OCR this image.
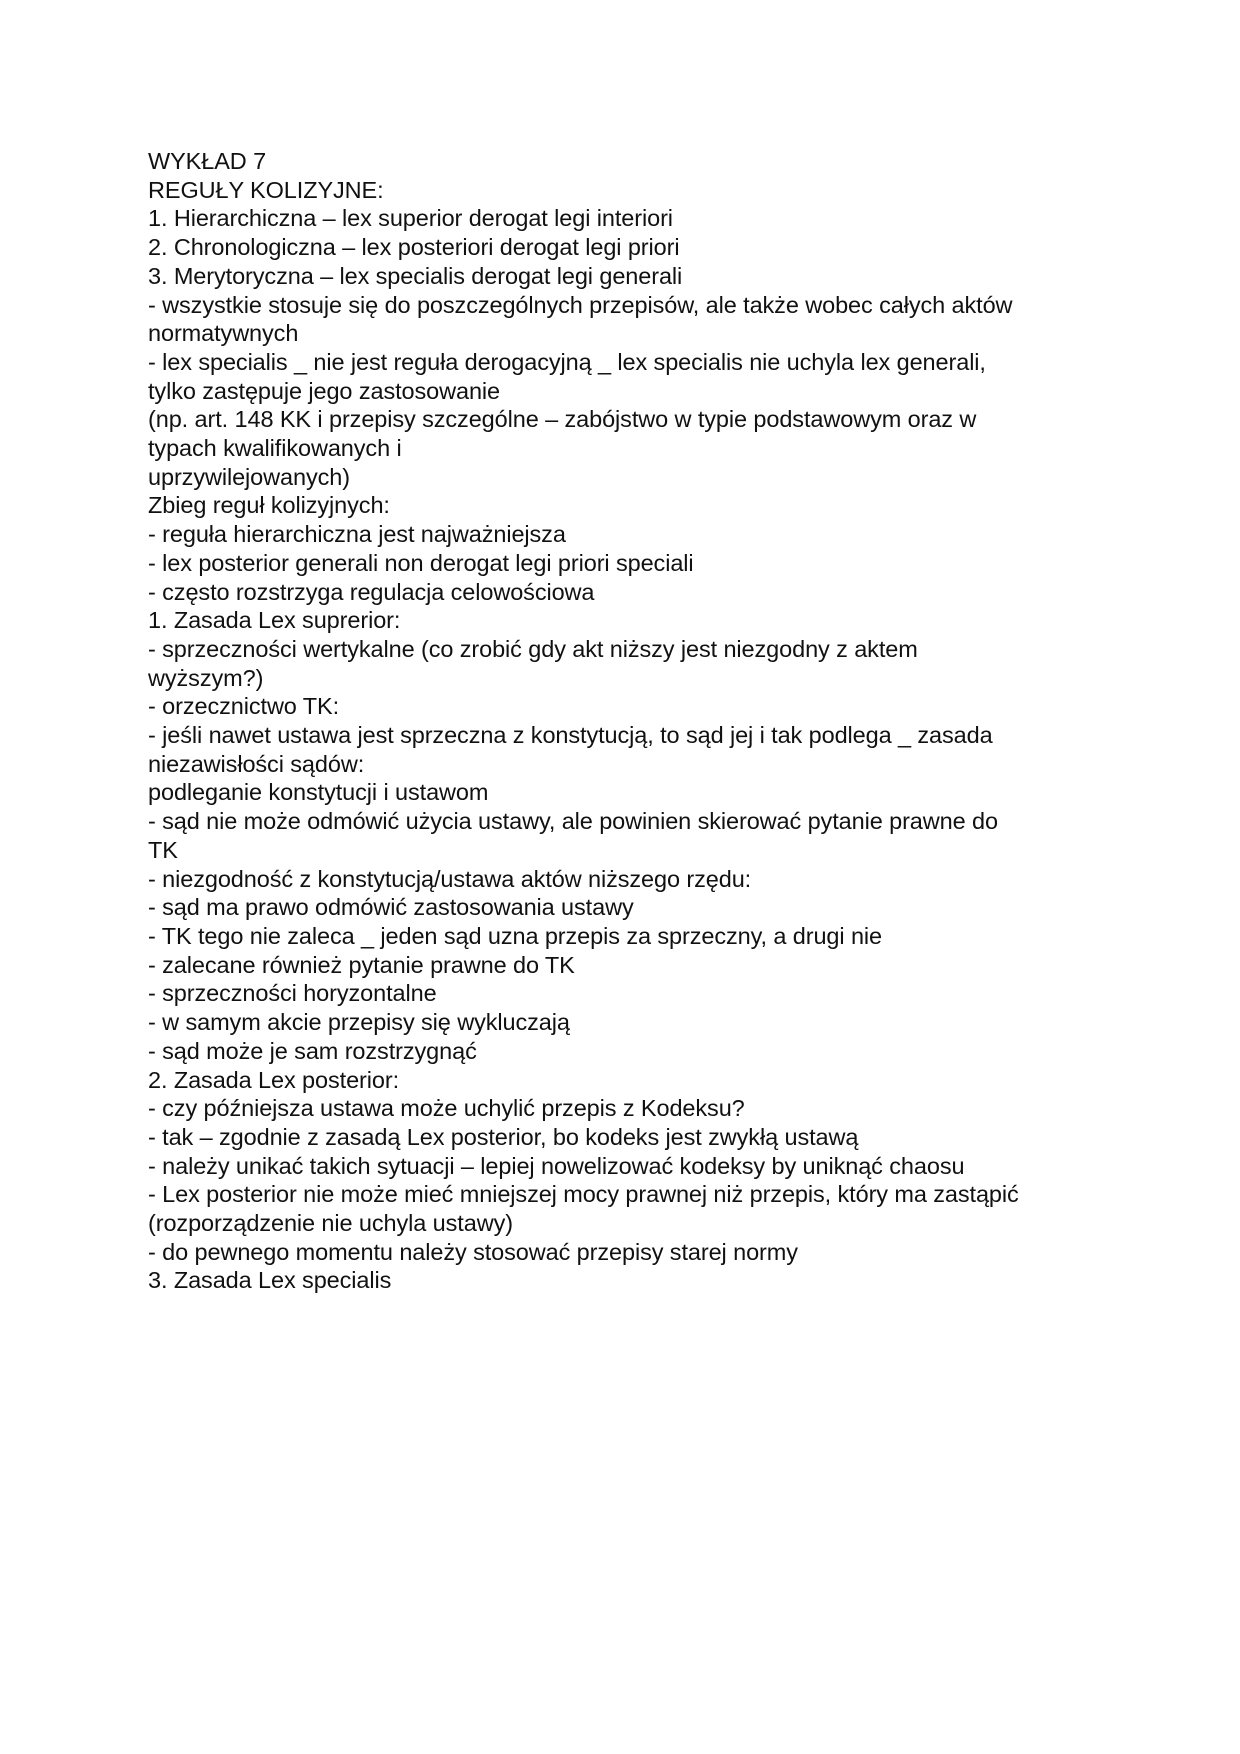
WYKŁAD 7
REGUŁY KOLIZYJNE:
1. Hierarchiczna – lex superior derogat legi interiori
2. Chronologiczna – lex posteriori derogat legi priori
3. Merytoryczna – lex specialis derogat legi generali
- wszystkie stosuje się do poszczególnych przepisów, ale także wobec całych aktów
normatywnych
- lex specialis _ nie jest reguła derogacyjną _ lex specialis nie uchyla lex generali,
tylko zastępuje jego zastosowanie
(np. art. 148 KK i przepisy szczególne – zabójstwo w typie podstawowym oraz w
typach kwalifikowanych i
uprzywilejowanych)
Zbieg reguł kolizyjnych:
- reguła hierarchiczna jest najważniejsza
- lex posterior generali non derogat legi priori speciali
- często rozstrzyga regulacja celowościowa
1. Zasada Lex suprerior:
- sprzeczności wertykalne (co zrobić gdy akt niższy jest niezgodny z aktem
wyższym?)
- orzecznictwo TK:
- jeśli nawet ustawa jest sprzeczna z konstytucją, to sąd jej i tak podlega _ zasada
niezawisłości sądów:
podleganie konstytucji i ustawom
- sąd nie może odmówić użycia ustawy, ale powinien skierować pytanie prawne do
TK
- niezgodność z konstytucją/ustawa aktów niższego rzędu:
- sąd ma prawo odmówić zastosowania ustawy
- TK tego nie zaleca _ jeden sąd uzna przepis za sprzeczny, a drugi nie
- zalecane również pytanie prawne do TK
- sprzeczności horyzontalne
- w samym akcie przepisy się wykluczają
- sąd może je sam rozstrzygnąć
2. Zasada Lex posterior:
- czy późniejsza ustawa może uchylić przepis z Kodeksu?
- tak – zgodnie z zasadą Lex posterior, bo kodeks jest zwykłą ustawą
- należy unikać takich sytuacji – lepiej nowelizować kodeksy by uniknąć chaosu
- Lex posterior nie może mieć mniejszej mocy prawnej niż przepis, który ma zastąpić
(rozporządzenie nie uchyla ustawy)
- do pewnego momentu należy stosować przepisy starej normy
3. Zasada Lex specialis
